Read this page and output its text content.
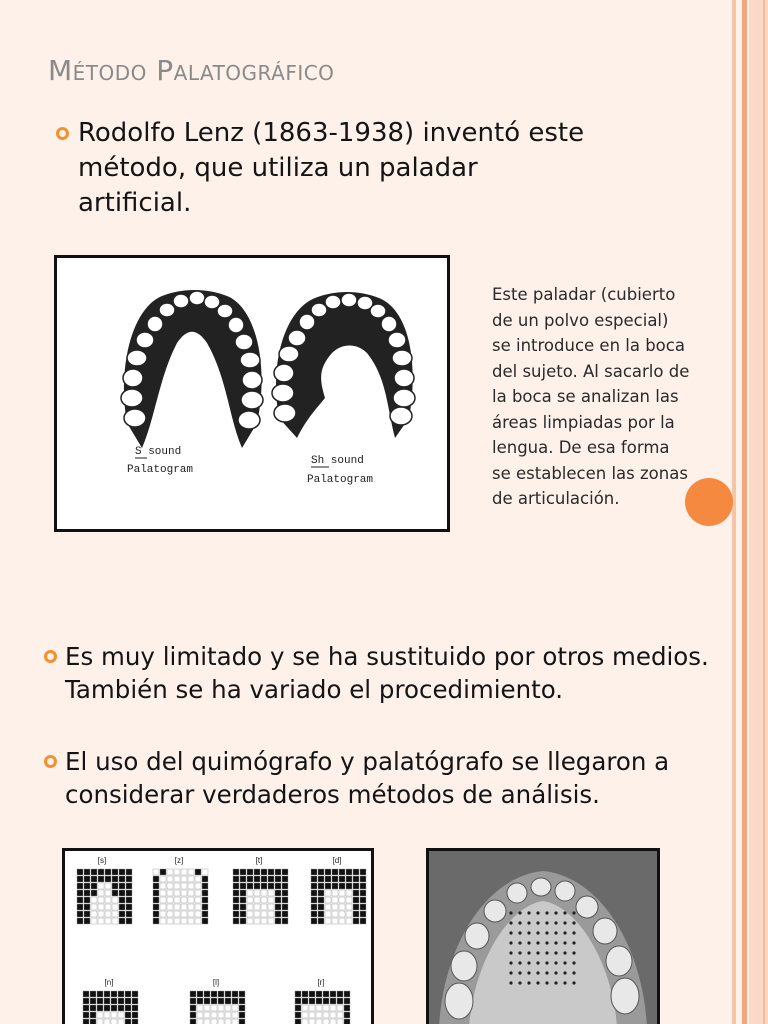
Método Palatográfico

Rodolfo Lenz (1863-1938) inventó este método, que utiliza un paladar artificial.

S sound
Palatogram
Sh sound
Palatogram

Este paladar (cubierto
de un polvo especial)
se introduce en la boca
del sujeto. Al sacarlo de
la boca se analizan las
áreas limpiadas por la
lengua. De esa forma
se establecen las zonas
de articulación.

Es muy limitado y se ha sustituido por otros medios. También se ha variado el procedimiento.

El uso del quimógrafo y palatógrafo se llegaron a considerar verdaderos métodos de análisis.

[s]	[z]	[t]	[d]
[n]	[l]	[r]
